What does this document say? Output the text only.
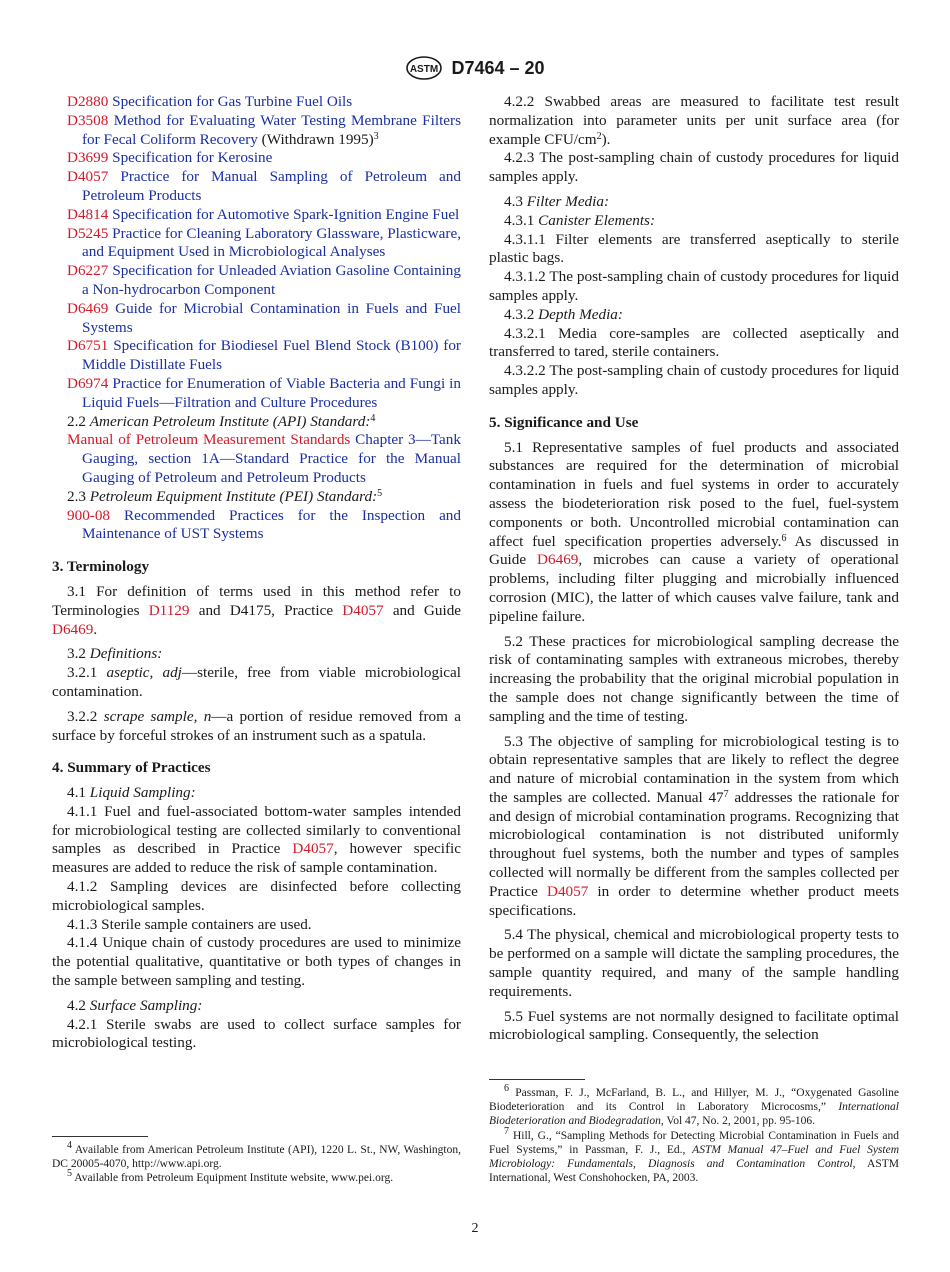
ASTM D7464 – 20

D2880 Specification for Gas Turbine Fuel Oils

D3508 Method for Evaluating Water Testing Membrane Filters for Fecal Coliform Recovery (Withdrawn 1995)$^3$

D3699 Specification for Kerosine

D4057 Practice for Manual Sampling of Petroleum and Petroleum Products

D4814 Specification for Automotive Spark-Ignition Engine Fuel

D5245 Practice for Cleaning Laboratory Glassware, Plasticware, and Equipment Used in Microbiological Analyses

D6227 Specification for Unleaded Aviation Gasoline Containing a Non-hydrocarbon Component

D6469 Guide for Microbial Contamination in Fuels and Fuel Systems

D6751 Specification for Biodiesel Fuel Blend Stock (B100) for Middle Distillate Fuels

D6974 Practice for Enumeration of Viable Bacteria and Fungi in Liquid Fuels—Filtration and Culture Procedures

2.2 American Petroleum Institute (API) Standard:$^4$

Manual of Petroleum Measurement Standards Chapter 3—Tank Gauging, section 1A—Standard Practice for the Manual Gauging of Petroleum and Petroleum Products

2.3 Petroleum Equipment Institute (PEI) Standard:$^5$

900-08 Recommended Practices for the Inspection and Maintenance of UST Systems

3. Terminology

3.1 For definition of terms used in this method refer to Terminologies D1129 and D4175, Practice D4057 and Guide D6469.

3.2 Definitions:

3.2.1 aseptic, adj—sterile, free from viable microbiological contamination.

3.2.2 scrape sample, n—a portion of residue removed from a surface by forceful strokes of an instrument such as a spatula.

4. Summary of Practices

4.1 Liquid Sampling:

4.1.1 Fuel and fuel-associated bottom-water samples intended for microbiological testing are collected similarly to conventional samples as described in Practice D4057, however specific measures are added to reduce the risk of sample contamination.

4.1.2 Sampling devices are disinfected before collecting microbiological samples.

4.1.3 Sterile sample containers are used.

4.1.4 Unique chain of custody procedures are used to minimize the potential qualitative, quantitative or both types of changes in the sample between sampling and testing.

4.2 Surface Sampling:

4.2.1 Sterile swabs are used to collect surface samples for microbiological testing.

4.2.2 Swabbed areas are measured to facilitate test result normalization into parameter units per unit surface area (for example CFU/$cm^2$).

4.2.3 The post-sampling chain of custody procedures for liquid samples apply.

4.3 Filter Media:

4.3.1 Canister Elements:

4.3.1.1 Filter elements are transferred aseptically to sterile plastic bags.

4.3.1.2 The post-sampling chain of custody procedures for liquid samples apply.

4.3.2 Depth Media:

4.3.2.1 Media core-samples are collected aseptically and transferred to tared, sterile containers.

4.3.2.2 The post-sampling chain of custody procedures for liquid samples apply.

5. Significance and Use

5.1 Representative samples of fuel products and associated substances are required for the determination of microbial contamination in fuels and fuel systems in order to accurately assess the biodeterioration risk posed to the fuel, fuel-system components or both. Uncontrolled microbial contamination can affect fuel specification properties adversely.$^6$ As discussed in Guide D6469, microbes can cause a variety of operational problems, including filter plugging and microbially influenced corrosion (MIC), the latter of which causes valve failure, tank and pipeline failure.

5.2 These practices for microbiological sampling decrease the risk of contaminating samples with extraneous microbes, thereby increasing the probability that the original microbial population in the sample does not change significantly between the time of sampling and the time of testing.

5.3 The objective of sampling for microbiological testing is to obtain representative samples that are likely to reflect the degree and nature of microbial contamination in the system from which the samples are collected. Manual $47^7$ addresses the rationale for and design of microbial contamination programs. Recognizing that microbiological contamination is not distributed uniformly throughout fuel systems, both the number and types of samples collected will normally be different from the samples collected per Practice D4057 in order to determine whether product meets specifications.

5.4 The physical, chemical and microbiological property tests to be performed on a sample will dictate the sampling procedures, the sample quantity required, and many of the sample handling requirements.

5.5 Fuel systems are not normally designed to facilitate optimal microbiological sampling. Consequently, the selection

$^4$ Available from American Petroleum Institute (API), 1220 L. St., NW, Washington, DC 20005-4070, http://www.api.org.

$^5$ Available from Petroleum Equipment Institute website, www.pei.org.

$^6$ Passman, F. J., McFarland, B. L., and Hillyer, M. J., “Oxygenated Gasoline Biodeterioration and its Control in Laboratory Microcosms,” International Biodeterioration and Biodegradation, Vol 47, No. 2, 2001, pp. 95-106.

$^7$ Hill, G., “Sampling Methods for Detecting Microbial Contamination in Fuels and Fuel Systems,” in Passman, F. J., Ed., ASTM Manual 47–Fuel and Fuel System Microbiology: Fundamentals, Diagnosis and Contamination Control, ASTM International, West Conshohocken, PA, 2003.

2
